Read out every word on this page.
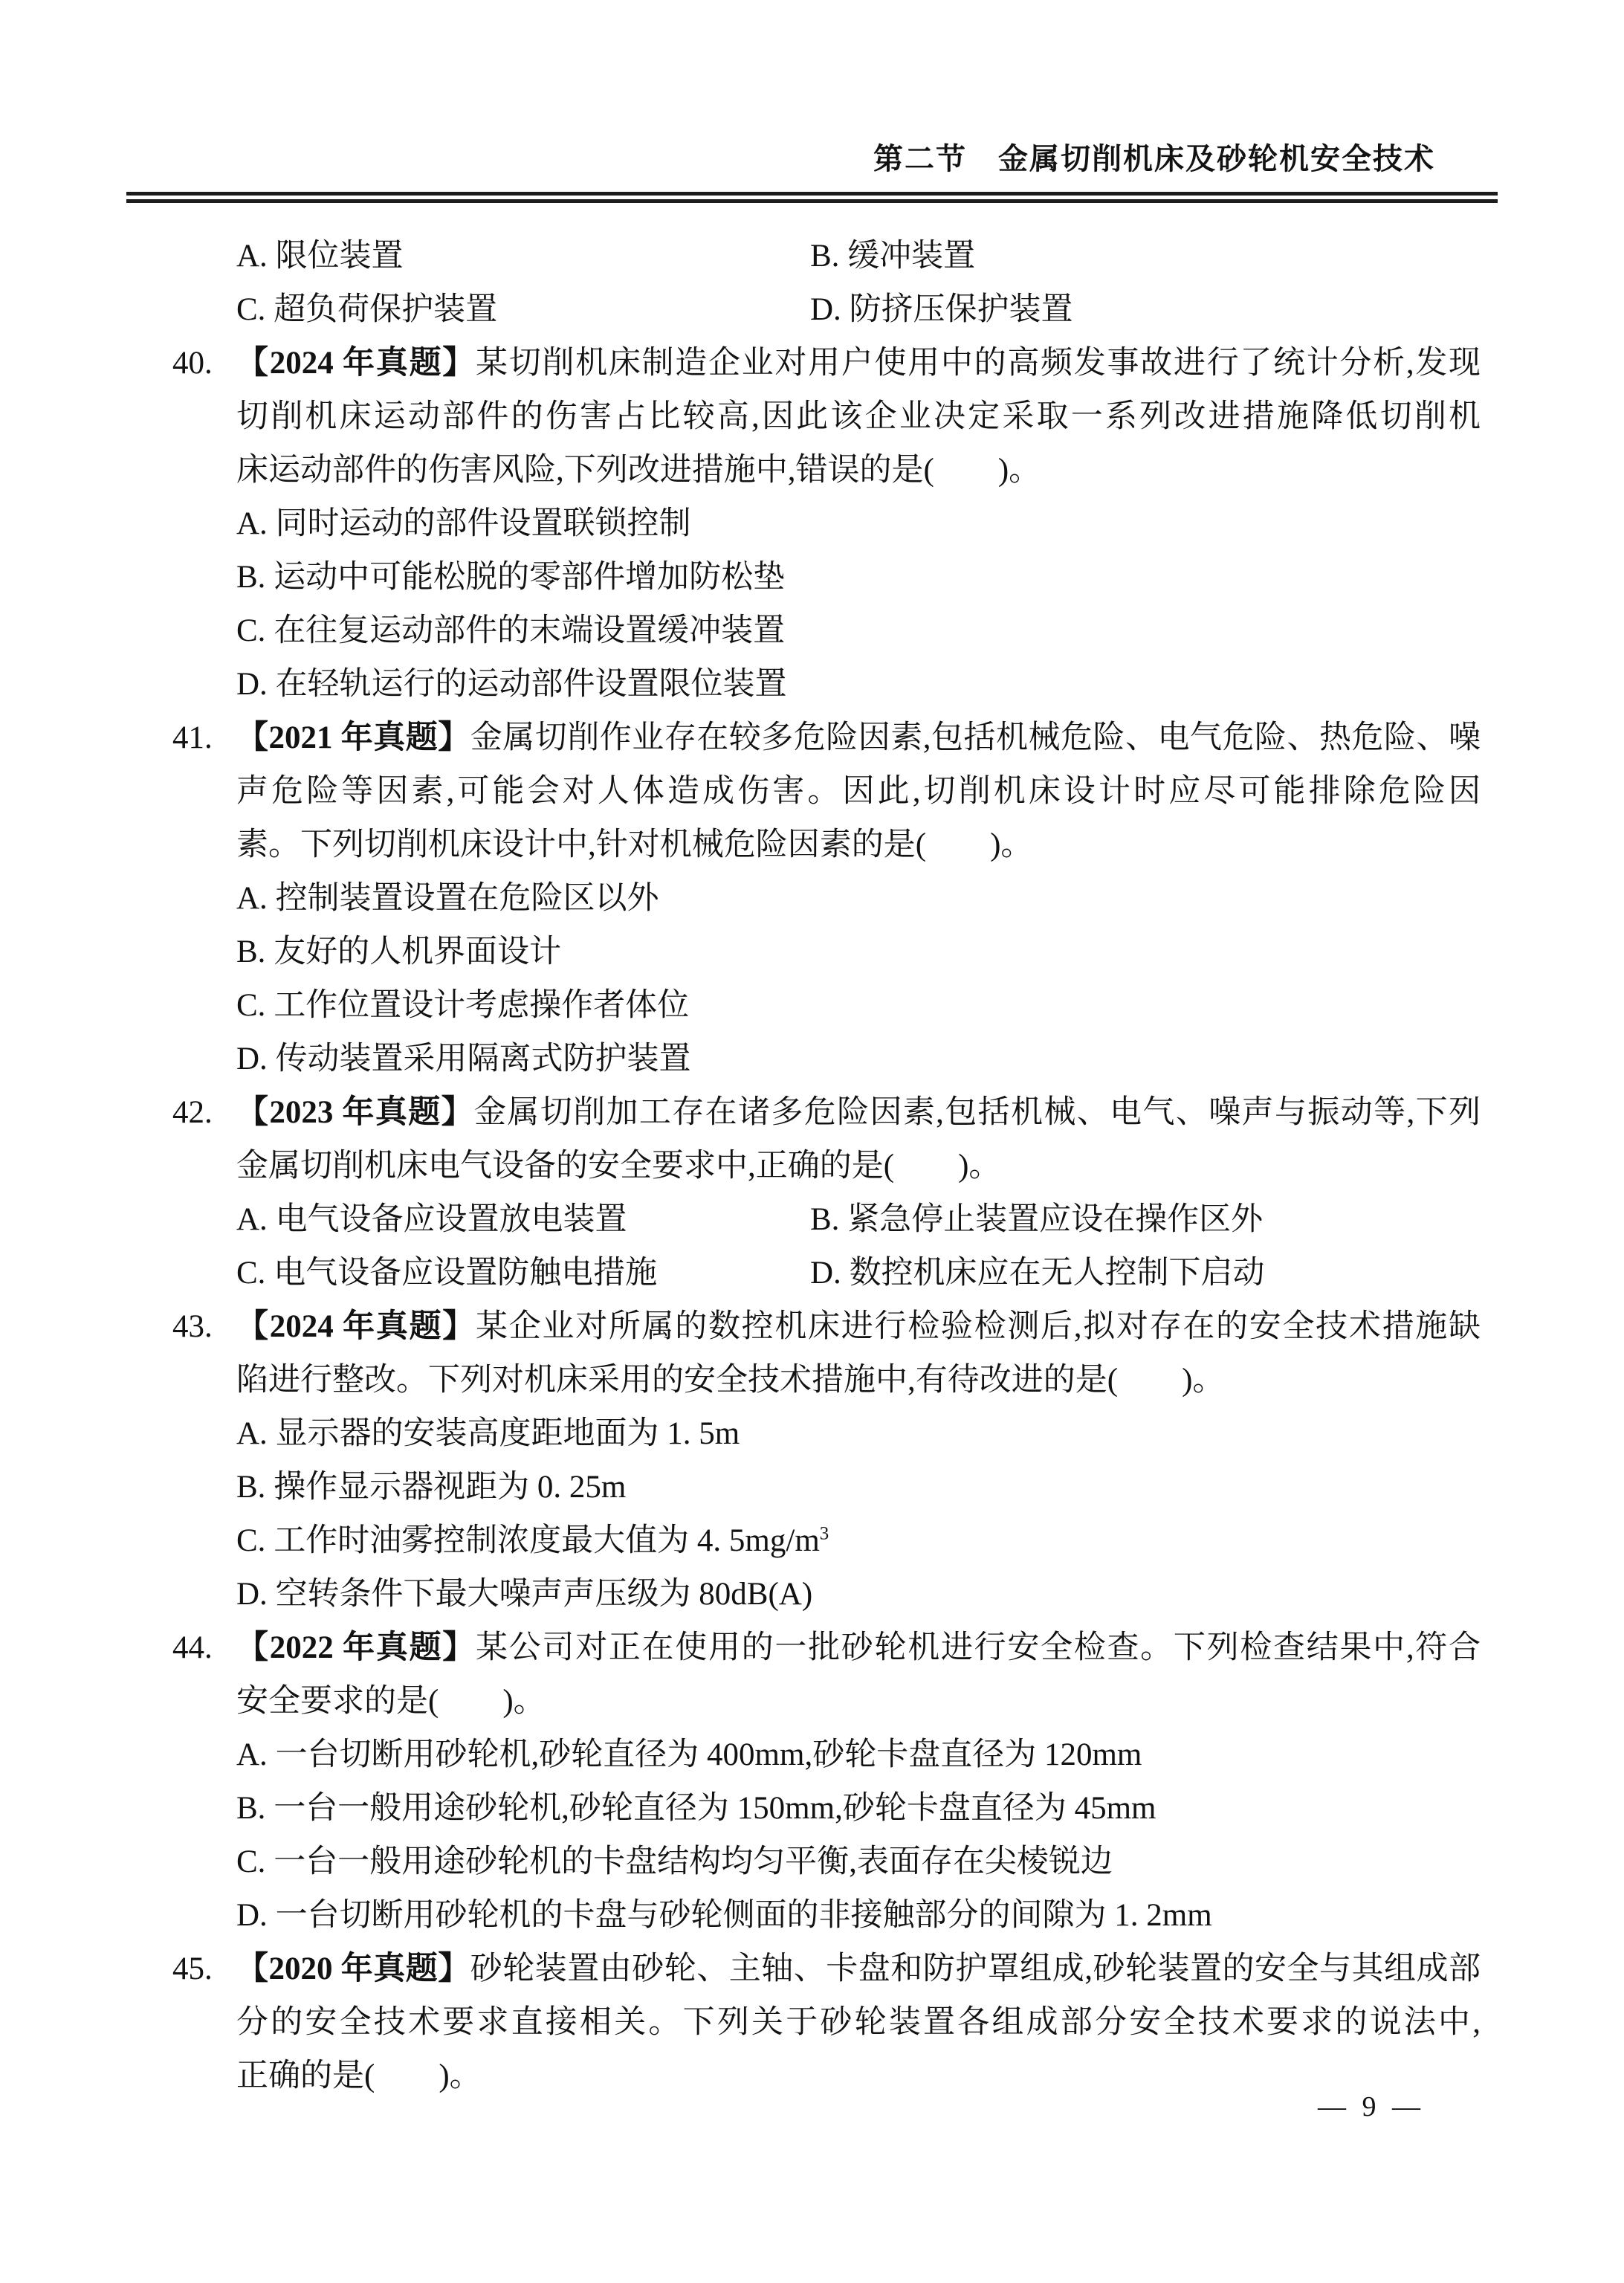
第二节　金属切削机床及砂轮机安全技术
A. 限位装置	B. 缓冲装置
C. 超负荷保护装置	D. 防挤压保护装置
40. 【2024 年真题】某切削机床制造企业对用户使用中的高频发事故进行了统计分析,发现
切削机床运动部件的伤害占比较高,因此该企业决定采取一系列改进措施降低切削机
床运动部件的伤害风险,下列改进措施中,错误的是(　　)。
A. 同时运动的部件设置联锁控制
B. 运动中可能松脱的零部件增加防松垫
C. 在往复运动部件的末端设置缓冲装置
D. 在轻轨运行的运动部件设置限位装置
41. 【2021 年真题】金属切削作业存在较多危险因素,包括机械危险、电气危险、热危险、噪
声危险等因素,可能会对人体造成伤害。因此,切削机床设计时应尽可能排除危险因
素。下列切削机床设计中,针对机械危险因素的是(　　)。
A. 控制装置设置在危险区以外
B. 友好的人机界面设计
C. 工作位置设计考虑操作者体位
D. 传动装置采用隔离式防护装置
42. 【2023 年真题】金属切削加工存在诸多危险因素,包括机械、电气、噪声与振动等,下列
金属切削机床电气设备的安全要求中,正确的是(　　)。
A. 电气设备应设置放电装置	B. 紧急停止装置应设在操作区外
C. 电气设备应设置防触电措施	D. 数控机床应在无人控制下启动
43. 【2024 年真题】某企业对所属的数控机床进行检验检测后,拟对存在的安全技术措施缺
陷进行整改。下列对机床采用的安全技术措施中,有待改进的是(　　)。
A. 显示器的安装高度距地面为 1. 5m
B. 操作显示器视距为 0. 25m
C. 工作时油雾控制浓度最大值为 4. $5mg/m^3$
D. 空转条件下最大噪声声压级为 80dB(A)
44. 【2022 年真题】某公司对正在使用的一批砂轮机进行安全检查。下列检查结果中,符合
安全要求的是(　　)。
A. 一台切断用砂轮机,砂轮直径为 400mm,砂轮卡盘直径为 120mm
B. 一台一般用途砂轮机,砂轮直径为 150mm,砂轮卡盘直径为 45mm
C. 一台一般用途砂轮机的卡盘结构均匀平衡,表面存在尖棱锐边
D. 一台切断用砂轮机的卡盘与砂轮侧面的非接触部分的间隙为 1. 2mm
45. 【2020 年真题】砂轮装置由砂轮、主轴、卡盘和防护罩组成,砂轮装置的安全与其组成部
分的安全技术要求直接相关。下列关于砂轮装置各组成部分安全技术要求的说法中,
正确的是(　　)。
— 9 —
